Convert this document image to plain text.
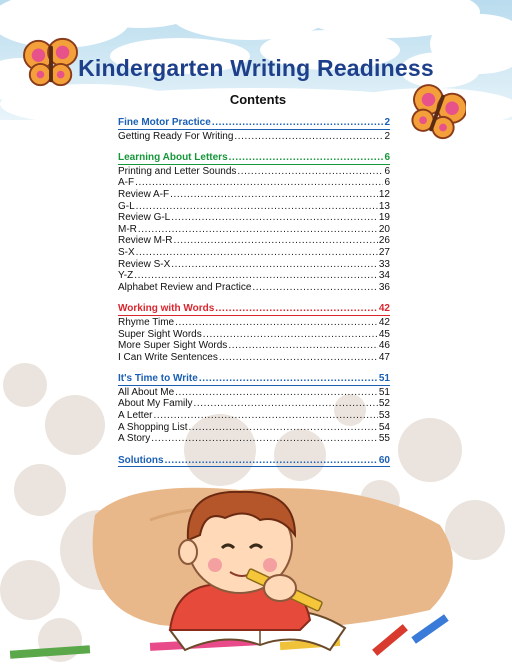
Kindergarten Writing Readiness
Contents
Fine Motor Practice .....	2
Getting Ready For Writing .....	2
Learning About Letters .....	6
Printing and Letter Sounds .....	6
A-F .....	6
Review A-F .....	12
G-L .....	13
Review G-L .....	19
M-R .....	20
Review M-R .....	26
S-X .....	27
Review S-X .....	33
Y-Z .....	34
Alphabet Review and Practice .....	36
Working with Words .....	42
Rhyme Time .....	42
Super Sight Words .....	45
More Super Sight Words .....	46
I Can Write Sentences .....	47
It's Time to Write .....	51
All About Me .....	51
About My Family .....	52
A Letter .....	53
A Shopping List .....	54
A Story .....	55
Solutions .....	60
